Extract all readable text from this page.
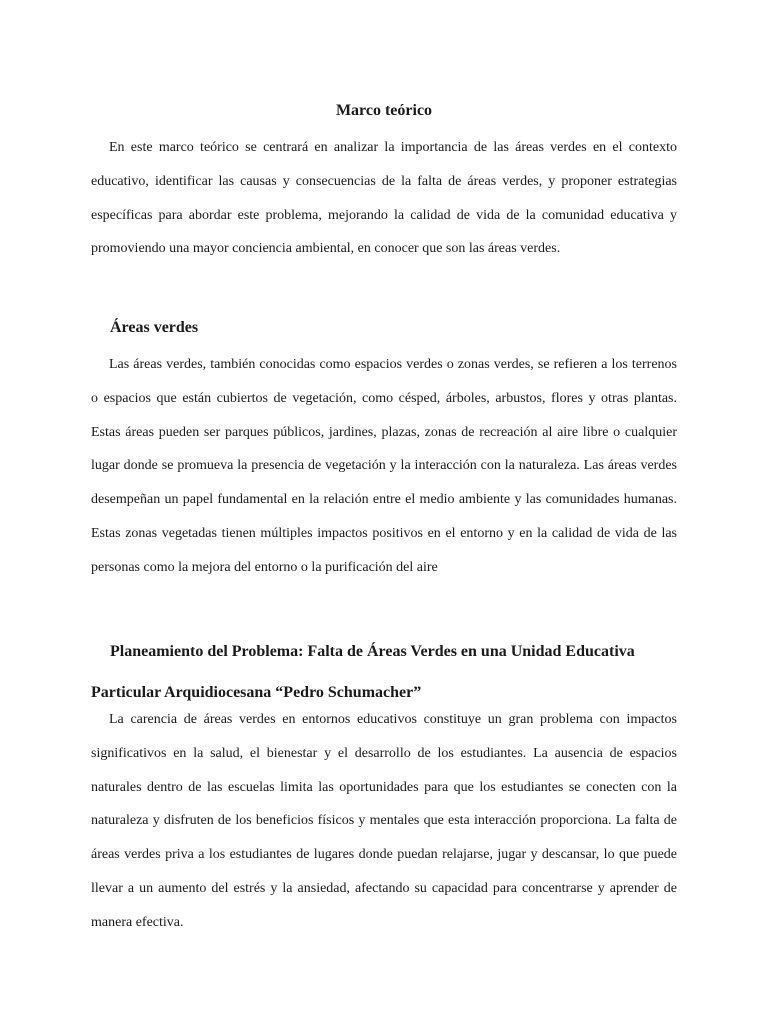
Marco teórico

En este marco teórico se centrará en analizar la importancia de las áreas verdes en el contexto educativo, identificar las causas y consecuencias de la falta de áreas verdes, y proponer estrategias específicas para abordar este problema, mejorando la calidad de vida de la comunidad educativa y promoviendo una mayor conciencia ambiental, en conocer que son las áreas verdes.

Áreas verdes

Las áreas verdes, también conocidas como espacios verdes o zonas verdes, se refieren a los terrenos o espacios que están cubiertos de vegetación, como césped, árboles, arbustos, flores y otras plantas. Estas áreas pueden ser parques públicos, jardines, plazas, zonas de recreación al aire libre o cualquier lugar donde se promueva la presencia de vegetación y la interacción con la naturaleza. Las áreas verdes desempeñan un papel fundamental en la relación entre el medio ambiente y las comunidades humanas. Estas zonas vegetadas tienen múltiples impactos positivos en el entorno y en la calidad de vida de las personas como la mejora del entorno o la purificación del aire

Planeamiento del Problema: Falta de Áreas Verdes en una Unidad Educativa Particular Arquidiocesana “Pedro Schumacher”

La carencia de áreas verdes en entornos educativos constituye un gran problema con impactos significativos en la salud, el bienestar y el desarrollo de los estudiantes. La ausencia de espacios naturales dentro de las escuelas limita las oportunidades para que los estudiantes se conecten con la naturaleza y disfruten de los beneficios físicos y mentales que esta interacción proporciona. La falta de áreas verdes priva a los estudiantes de lugares donde puedan relajarse, jugar y descansar, lo que puede llevar a un aumento del estrés y la ansiedad, afectando su capacidad para concentrarse y aprender de manera efectiva.
